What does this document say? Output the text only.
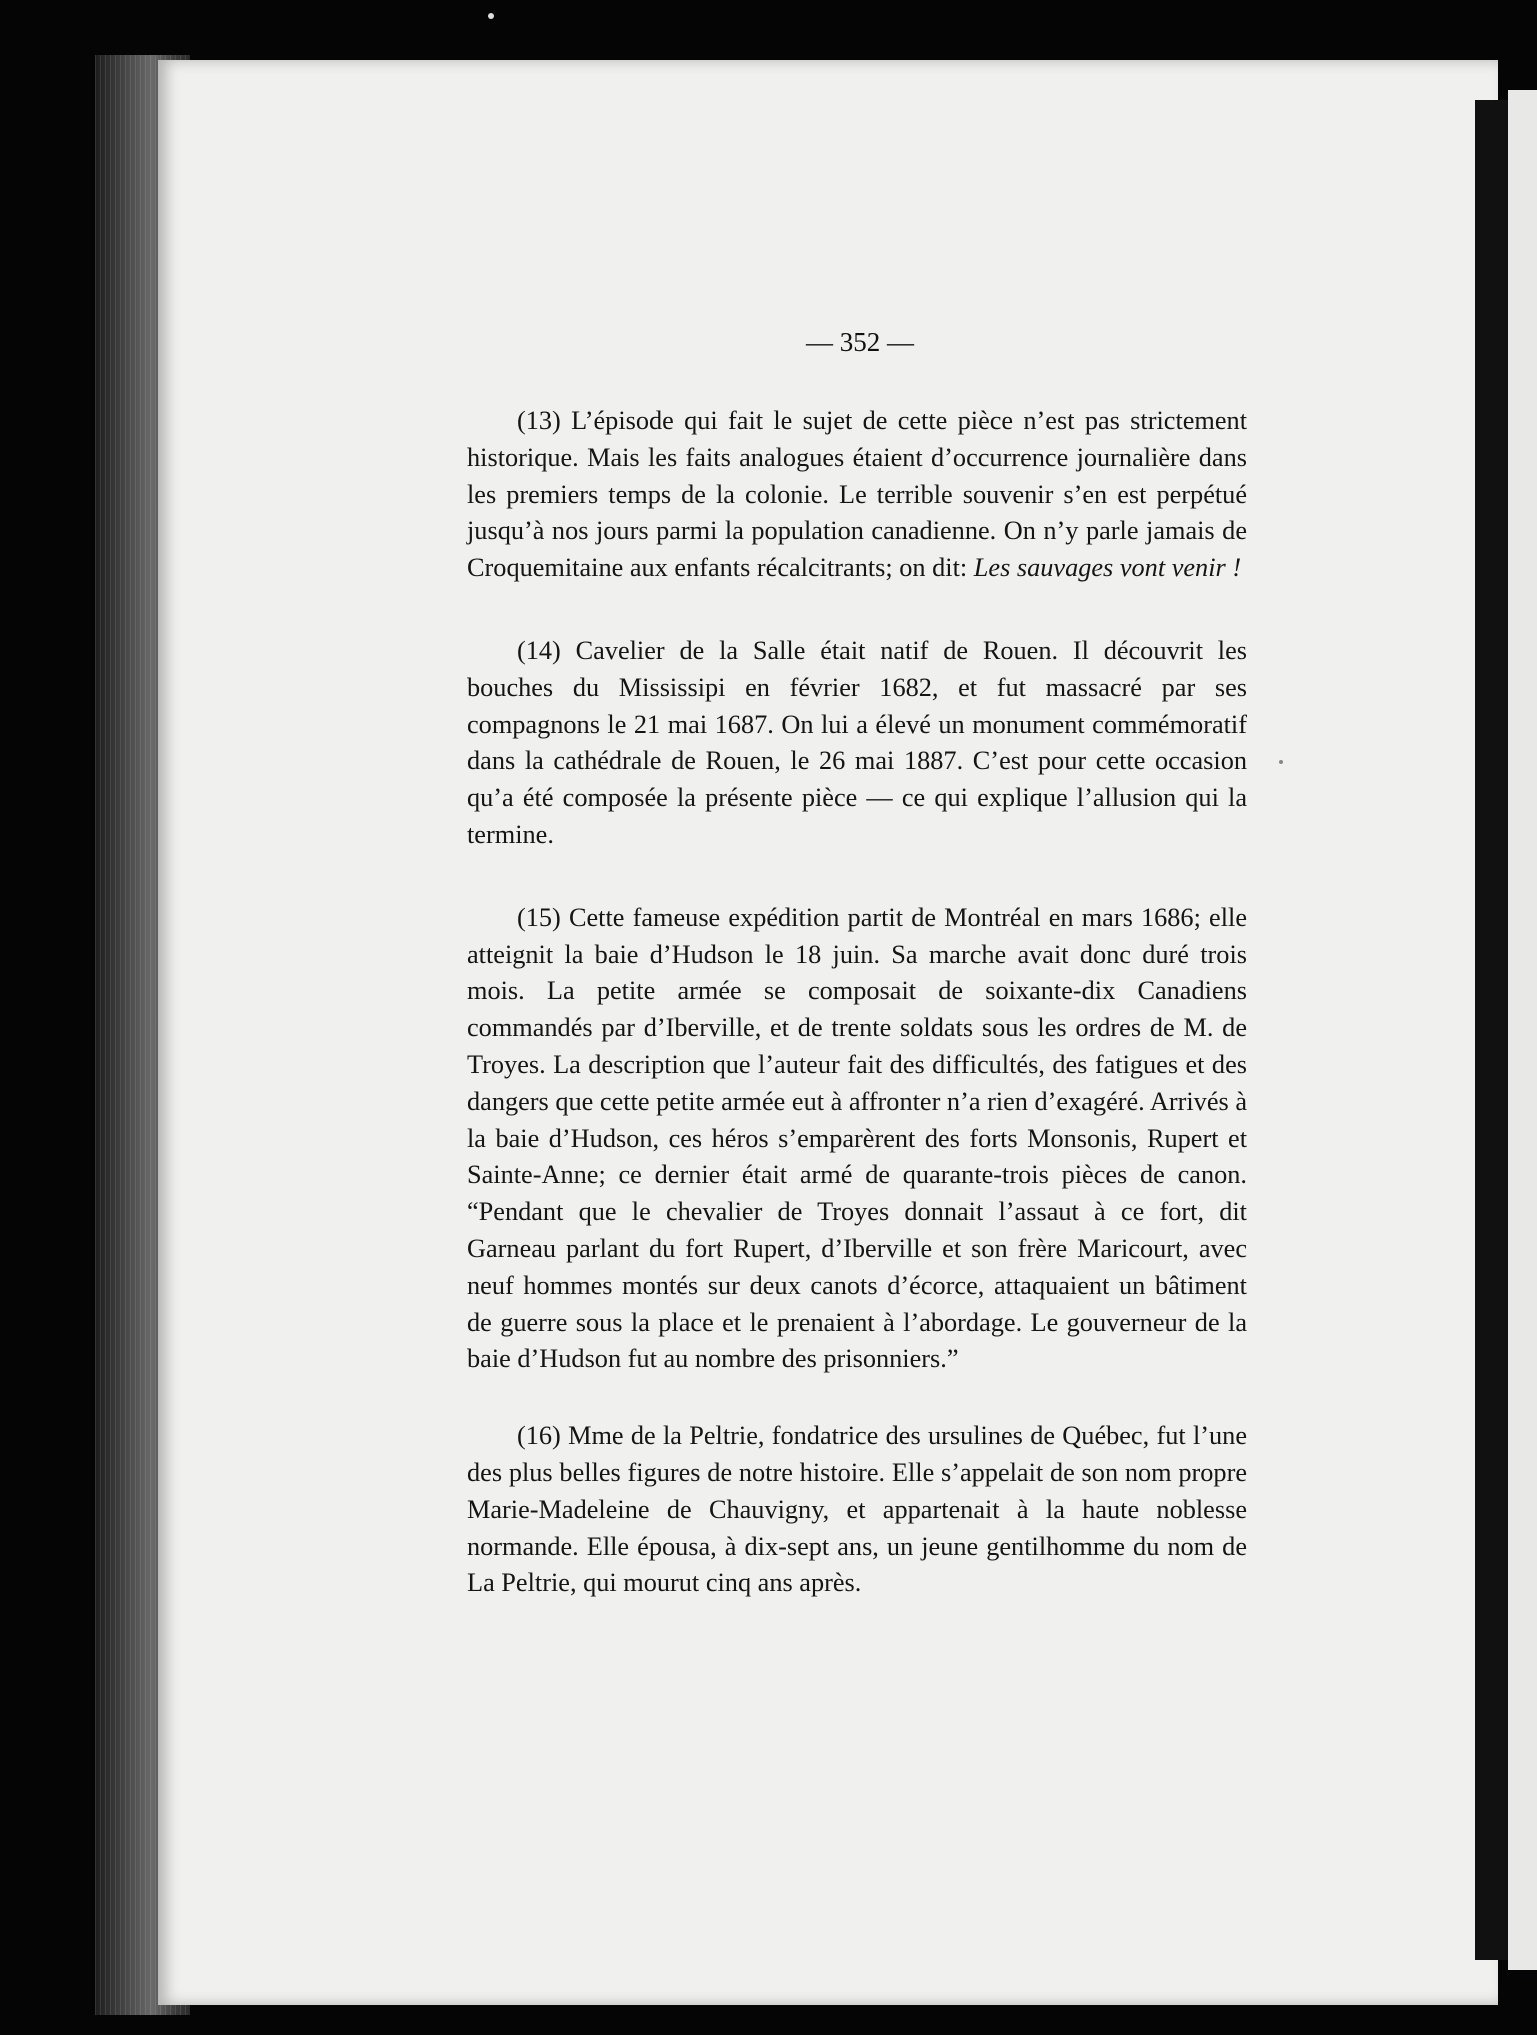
— 352 —

(13) L’épisode qui fait le sujet de cette pièce n’est pas strictement historique. Mais les faits analogues étaient d’occurrence journalière dans les premiers temps de la colonie. Le terrible souvenir s’en est perpétué jusqu’à nos jours parmi la population canadienne. On n’y parle jamais de Croquemitaine aux enfants récalcitrants; on dit: Les sauvages vont venir !

(14) Cavelier de la Salle était natif de Rouen. Il découvrit les bouches du Mississipi en février 1682, et fut massacré par ses compagnons le 21 mai 1687. On lui a élevé un monument commémoratif dans la cathédrale de Rouen, le 26 mai 1887. C’est pour cette occasion qu’a été composée la présente pièce — ce qui explique l’allusion qui la termine.

(15) Cette fameuse expédition partit de Montréal en mars 1686; elle atteignit la baie d’Hudson le 18 juin. Sa marche avait donc duré trois mois. La petite armée se composait de soixante-dix Canadiens commandés par d’Iberville, et de trente soldats sous les ordres de M. de Troyes. La description que l’auteur fait des difficultés, des fatigues et des dangers que cette petite armée eut à affronter n’a rien d’exagéré. Arrivés à la baie d’Hudson, ces héros s’emparèrent des forts Monsonis, Rupert et Sainte-Anne; ce dernier était armé de quarante-trois pièces de canon. “Pendant que le chevalier de Troyes donnait l’assaut à ce fort, dit Garneau parlant du fort Rupert, d’Iberville et son frère Maricourt, avec neuf hommes montés sur deux canots d’écorce, attaquaient un bâtiment de guerre sous la place et le prenaient à l’abordage. Le gouverneur de la baie d’Hudson fut au nombre des prisonniers.”

(16) Mme de la Peltrie, fondatrice des ursulines de Québec, fut l’une des plus belles figures de notre histoire. Elle s’appelait de son nom propre Marie-Madeleine de Chauvigny, et appartenait à la haute noblesse normande. Elle épousa, à dix-sept ans, un jeune gentilhomme du nom de La Peltrie, qui mourut cinq ans après.
